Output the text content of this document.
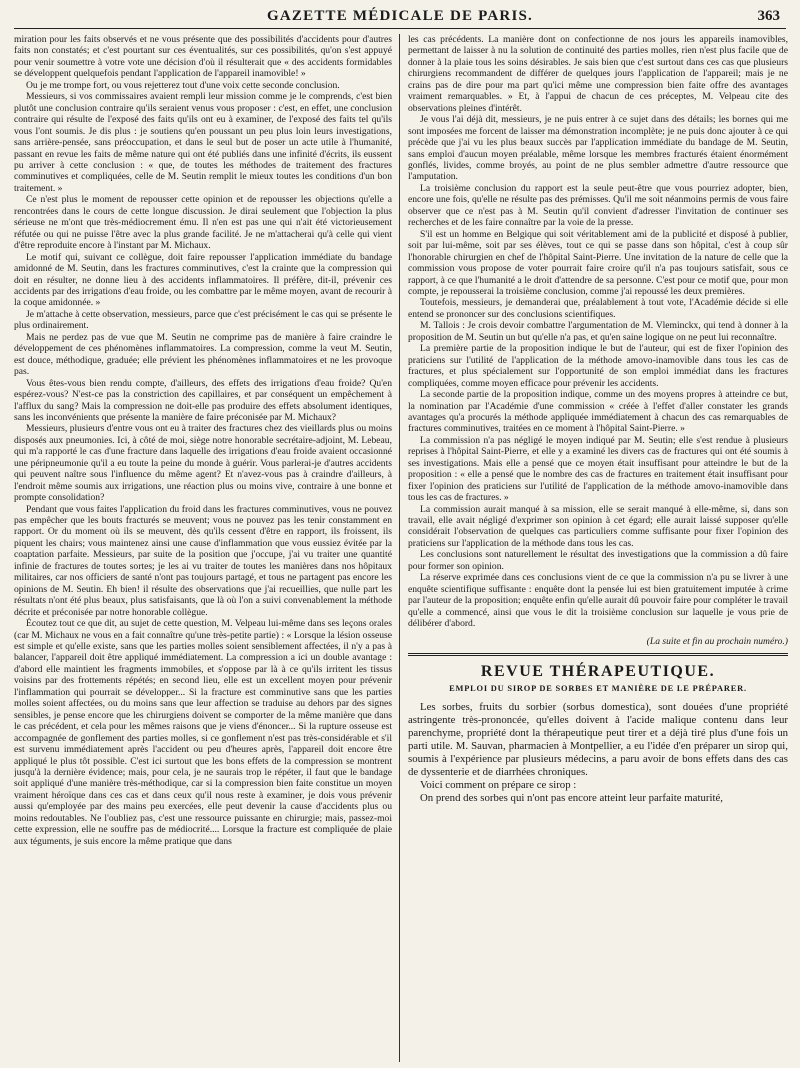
GAZETTE MÉDICALE DE PARIS.	363

miration pour les faits observés et ne vous présente que des possibilités d'accidents pour d'autres faits non constatés; et c'est pourtant sur ces éventualités, sur ces possibilités, qu'on s'est appuyé pour venir soumettre à votre vote une décision d'où il résulterait que « des accidents formidables se développent quelquefois pendant l'application de l'appareil inamovible! »

Ou je me trompe fort, ou vous rejetterez tout d'une voix cette seconde conclusion.

Messieurs, si vos commissaires avaient rempli leur mission comme je le comprends, c'est bien plutôt une conclusion contraire qu'ils seraient venus vous proposer : c'est, en effet, une conclusion contraire qui résulte de l'exposé des faits qu'ils ont eu à examiner, de l'exposé des faits tel qu'ils vous l'ont soumis. Je dis plus : je soutiens qu'en poussant un peu plus loin leurs investigations, sans arrière-pensée, sans préoccupation, et dans le seul but de poser un acte utile à l'humanité, passant en revue les faits de même nature qui ont été publiés dans une infinité d'écrits, ils eussent pu arriver à cette conclusion : « que, de toutes les méthodes de traitement des fractures comminutives et compliquées, celle de M. Seutin remplit le mieux toutes les conditions d'un bon traitement. »

Ce n'est plus le moment de repousser cette opinion et de repousser les objections qu'elle a rencontrées dans le cours de cette longue discussion. Je dirai seulement que l'objection la plus sérieuse ne m'ont que très-médiocrement ému. Il n'en est pas une qui n'ait été victorieusement réfutée ou qui ne puisse l'être avec la plus grande facilité. Je ne m'attacherai qu'à celle qui vient d'être reproduite encore à l'instant par M. Michaux.

Le motif qui, suivant ce collègue, doit faire repousser l'application immédiate du bandage amidonné de M. Seutin, dans les fractures comminutives, c'est la crainte que la compression qui doit en résulter, ne donne lieu à des accidents inflammatoires. Il préfère, dit-il, prévenir ces accidents par des irrigations d'eau froide, ou les combattre par le même moyen, avant de recourir à la coque amidonnée. »

Je m'attache à cette observation, messieurs, parce que c'est précisément le cas qui se présente le plus ordinairement.

Mais ne perdez pas de vue que M. Seutin ne comprime pas de manière à faire craindre le développement de ces phénomènes inflammatoires. La compression, comme la veut M. Seutin, est douce, méthodique, graduée; elle prévient les phénomènes inflammatoires et ne les provoque pas.

Vous êtes-vous bien rendu compte, d'ailleurs, des effets des irrigations d'eau froide? Qu'en espérez-vous? N'est-ce pas la constriction des capillaires, et par conséquent un empêchement à l'afflux du sang? Mais la compression ne doit-elle pas produire des effets absolument identiques, sans les inconvénients que présente la manière de faire préconisée par M. Michaux?

Messieurs, plusieurs d'entre vous ont eu à traiter des fractures chez des vieillards plus ou moins disposés aux pneumonies. Ici, à côté de moi, siège notre honorable secrétaire-adjoint, M. Lebeau, qui m'a rapporté le cas d'une fracture dans laquelle des irrigations d'eau froide avaient occasionné une péripneumonie qu'il a eu toute la peine du monde à guérir. Vous parlerai-je d'autres accidents qui peuvent naître sous l'influence du même agent? Et n'avez-vous pas à craindre d'ailleurs, à l'endroit même soumis aux irrigations, une réaction plus ou moins vive, contraire à une bonne et prompte consolidation?

Pendant que vous faites l'application du froid dans les fractures comminutives, vous ne pouvez pas empêcher que les bouts fracturés se meuvent; vous ne pouvez pas les tenir constamment en rapport. Or du moment où ils se meuvent, dès qu'ils cessent d'être en rapport, ils froissent, ils piquent les chairs; vous maintenez ainsi une cause d'inflammation que vous eussiez évitée par la coaptation parfaite. Messieurs, par suite de la position que j'occupe, j'ai vu traiter une quantité infinie de fractures de toutes sortes; je les ai vu traiter de toutes les manières dans nos hôpitaux militaires, car nos officiers de santé n'ont pas toujours partagé, et tous ne partagent pas encore les opinions de M. Seutin. Eh bien! il résulte des observations que j'ai recueillies, que nulle part les résultats n'ont été plus beaux, plus satisfaisants, que là où l'on a suivi convenablement la méthode décrite et préconisée par notre honorable collègue.

Écoutez tout ce que dit, au sujet de cette question, M. Velpeau lui-même dans ses leçons orales (car M. Michaux ne vous en a fait connaître qu'une très-petite partie) : « Lorsque la lésion osseuse est simple et qu'elle existe, sans que les parties molles soient sensiblement affectées, il n'y a pas à balancer, l'appareil doit être appliqué immédiatement. La compression a ici un double avantage : d'abord elle maintient les fragments immobiles, et s'oppose par là à ce qu'ils irritent les tissus voisins par des frottements répétés; en second lieu, elle est un excellent moyen pour prévenir l'inflammation qui pourrait se développer... Si la fracture est comminutive sans que les parties molles soient affectées, ou du moins sans que leur affection se traduise au dehors par des signes sensibles, je pense encore que les chirurgiens doivent se comporter de la même manière que dans le cas précédent, et cela pour les mêmes raisons que je viens d'énoncer... Si la rupture osseuse est accompagnée de gonflement des parties molles, si ce gonflement n'est pas très-considérable et s'il est survenu immédiatement après l'accident ou peu d'heures après, l'appareil doit encore être appliqué le plus tôt possible. C'est ici surtout que les bons effets de la compression se montrent jusqu'à la dernière évidence; mais, pour cela, je ne saurais trop le répéter, il faut que le bandage soit appliqué d'une manière très-méthodique, car si la compression bien faite constitue un moyen vraiment héroïque dans ces cas et dans ceux qu'il nous reste à examiner, je dois vous prévenir aussi qu'employée par des mains peu exercées, elle peut devenir la cause d'accidents plus ou moins redoutables. Ne l'oubliez pas, c'est une ressource puissante en chirurgie; mais, passez-moi cette expression, elle ne souffre pas de médiocrité.... Lorsque la fracture est compliquée de plaie aux téguments, je suis encore la même pratique que dans

les cas précédents. La manière dont on confectionne de nos jours les appareils inamovibles, permettant de laisser à nu la solution de continuité des parties molles, rien n'est plus facile que de donner à la plaie tous les soins désirables. Je sais bien que c'est surtout dans ces cas que plusieurs chirurgiens recommandent de différer de quelques jours l'application de l'appareil; mais je ne crains pas de dire pour ma part qu'ici même une compression bien faite offre des avantages vraiment remarquables. » Et, à l'appui de chacun de ces préceptes, M. Velpeau cite des observations pleines d'intérêt.

Je vous l'ai déjà dit, messieurs, je ne puis entrer à ce sujet dans des détails; les bornes qui me sont imposées me forcent de laisser ma démonstration incomplète; je ne puis donc ajouter à ce qui précède que j'ai vu les plus beaux succès par l'application immédiate du bandage de M. Seutin, sans emploi d'aucun moyen préalable, même lorsque les membres fracturés étaient énormément gonflés, livides, comme broyés, au point de ne plus sembler admettre d'autre ressource que l'amputation.

La troisième conclusion du rapport est la seule peut-être que vous pourriez adopter, bien, encore une fois, qu'elle ne résulte pas des prémisses. Qu'il me soit néanmoins permis de vous faire observer que ce n'est pas à M. Seutin qu'il convient d'adresser l'invitation de continuer ses recherches et de les faire connaître par la voie de la presse.

S'il est un homme en Belgique qui soit véritablement ami de la publicité et disposé à publier, soit par lui-même, soit par ses élèves, tout ce qui se passe dans son hôpital, c'est à coup sûr l'honorable chirurgien en chef de l'hôpital Saint-Pierre. Une invitation de la nature de celle que la commission vous propose de voter pourrait faire croire qu'il n'a pas toujours satisfait, sous ce rapport, à ce que l'humanité a le droit d'attendre de sa personne. C'est pour ce motif que, pour mon compte, je repousserai la troisième conclusion, comme j'ai repoussé les deux premières.

Toutefois, messieurs, je demanderai que, préalablement à tout vote, l'Académie décide si elle entend se prononcer sur des conclusions scientifiques.

M. Tallois : Je crois devoir combattre l'argumentation de M. Vleminckx, qui tend à donner à la proposition de M. Seutin un but qu'elle n'a pas, et qu'en saine logique on ne peut lui reconnaître.

La première partie de la proposition indique le but de l'auteur, qui est de fixer l'opinion des praticiens sur l'utilité de l'application de la méthode amovo-inamovible dans tous les cas de fractures, et plus spécialement sur l'opportunité de son emploi immédiat dans les fractures compliquées, comme moyen efficace pour prévenir les accidents.

La seconde partie de la proposition indique, comme un des moyens propres à atteindre ce but, la nomination par l'Académie d'une commission « créée à l'effet d'aller constater les grands avantages qu'a procurés la méthode appliquée immédiatement à chacun des cas remarquables de fractures comminutives, traitées en ce moment à l'hôpital Saint-Pierre. »

La commission n'a pas négligé le moyen indiqué par M. Seutin; elle s'est rendue à plusieurs reprises à l'hôpital Saint-Pierre, et elle y a examiné les divers cas de fractures qui ont été soumis à ses investigations. Mais elle a pensé que ce moyen était insuffisant pour atteindre le but de la proposition : « elle a pensé que le nombre des cas de fractures en traitement était insuffisant pour fixer l'opinion des praticiens sur l'utilité de l'application de la méthode amovo-inamovible dans tous les cas de fractures. »

La commission aurait manqué à sa mission, elle se serait manqué à elle-même, si, dans son travail, elle avait négligé d'exprimer son opinion à cet égard; elle aurait laissé supposer qu'elle considérait l'observation de quelques cas particuliers comme suffisante pour fixer l'opinion des praticiens sur l'application de la méthode dans tous les cas.

Les conclusions sont naturellement le résultat des investigations que la commission a dû faire pour former son opinion.

La réserve exprimée dans ces conclusions vient de ce que la commission n'a pu se livrer à une enquête scientifique suffisante : enquête dont la pensée lui est bien gratuitement imputée à crime par l'auteur de la proposition; enquête enfin qu'elle aurait dû pouvoir faire pour compléter le travail qu'elle a commencé, ainsi que vous le dit la troisième conclusion sur laquelle je vous prie de délibérer d'abord.

(La suite et fin au prochain numéro.)
REVUE THÉRAPEUTIQUE.
EMPLOI DU SIROP DE SORBES ET MANIÈRE DE LE PRÉPARER.

Les sorbes, fruits du sorbier (sorbus domestica), sont douées d'une propriété astringente très-prononcée, qu'elles doivent à l'acide malique contenu dans leur parenchyme, propriété dont la thérapeutique peut tirer et a déjà tiré plus d'une fois un parti utile. M. Sauvan, pharmacien à Montpellier, a eu l'idée d'en préparer un sirop qui, soumis à l'expérience par plusieurs médecins, a paru avoir de bons effets dans des cas de dyssenterie et de diarrhées chroniques.

Voici comment on prépare ce sirop :

On prend des sorbes qui n'ont pas encore atteint leur parfaite maturité,
